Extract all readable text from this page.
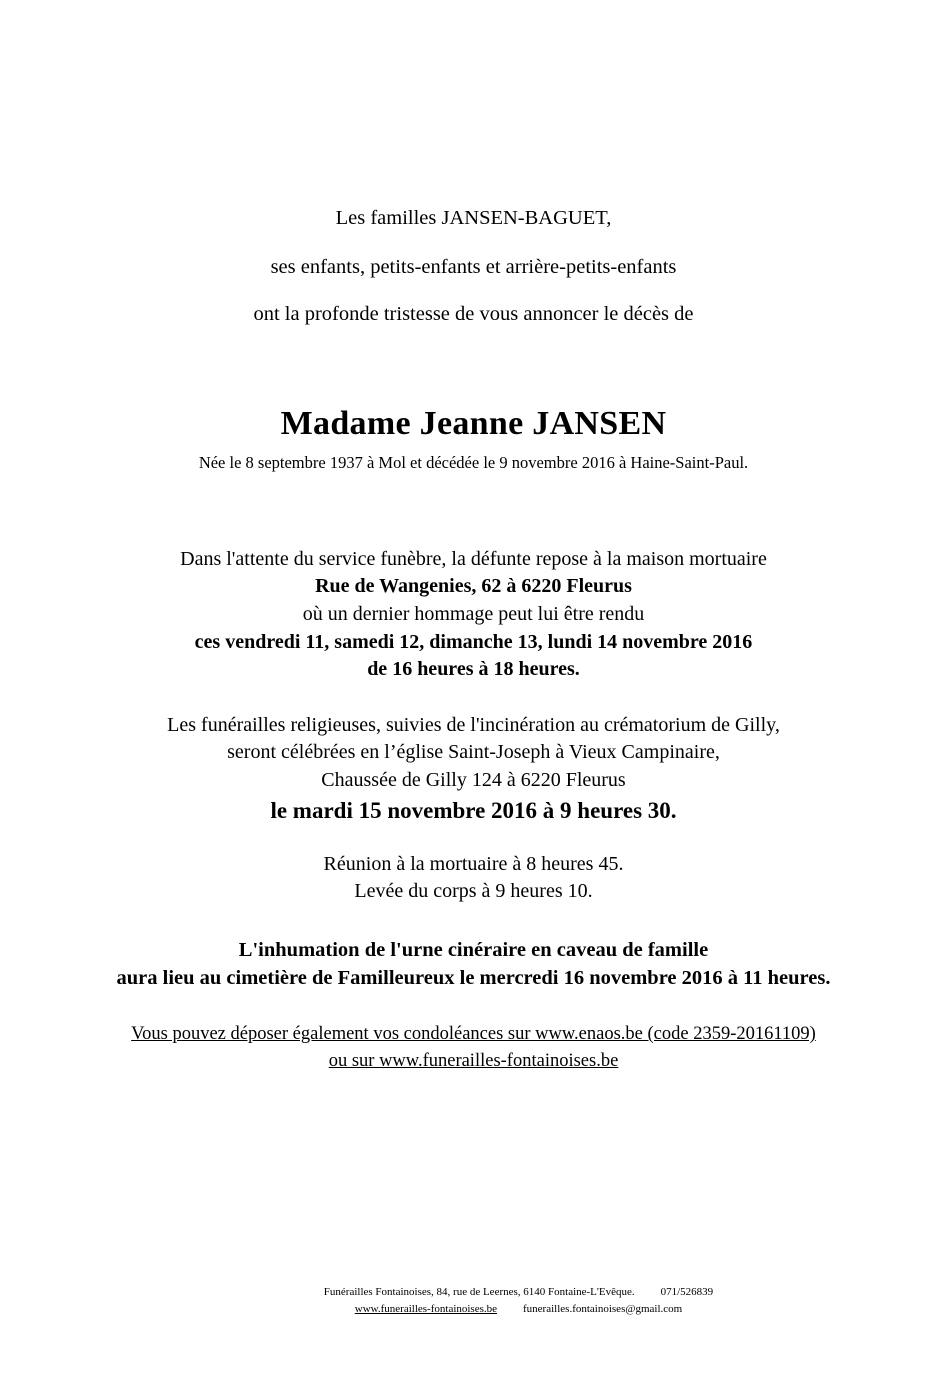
Les familles JANSEN-BAGUET,
ses enfants, petits-enfants et arrière-petits-enfants
ont la profonde tristesse de vous annoncer le décès de
Madame Jeanne JANSEN
Née le 8 septembre 1937 à Mol et décédée le 9 novembre 2016 à Haine-Saint-Paul.
Dans l'attente du service funèbre, la défunte repose à la maison mortuaire
Rue de Wangenies, 62 à 6220 Fleurus
où un dernier hommage peut lui être rendu
ces vendredi 11, samedi 12, dimanche 13, lundi 14 novembre 2016
de 16 heures à 18 heures.
Les funérailles religieuses, suivies de l'incinération au crématorium de Gilly,
seront célébrées en l’église Saint-Joseph à Vieux Campinaire,
Chaussée de Gilly 124 à 6220 Fleurus
le mardi 15 novembre 2016 à 9 heures 30.
Réunion à la mortuaire à 8 heures 45.
Levée du corps à 9 heures 10.
L'inhumation de l'urne cinéraire en caveau de famille
aura lieu au cimetière de Familleureux le mercredi 16 novembre 2016 à 11 heures.
Vous pouvez déposer également vos condoléances sur www.enaos.be (code 2359-20161109)
ou sur www.funerailles-fontainoises.be
Funérailles Fontainoises, 84, rue de Leernes, 6140 Fontaine-L'Evêque. 071/526839
www.funerailles-fontainoises.be funerailles.fontainoises@gmail.com
